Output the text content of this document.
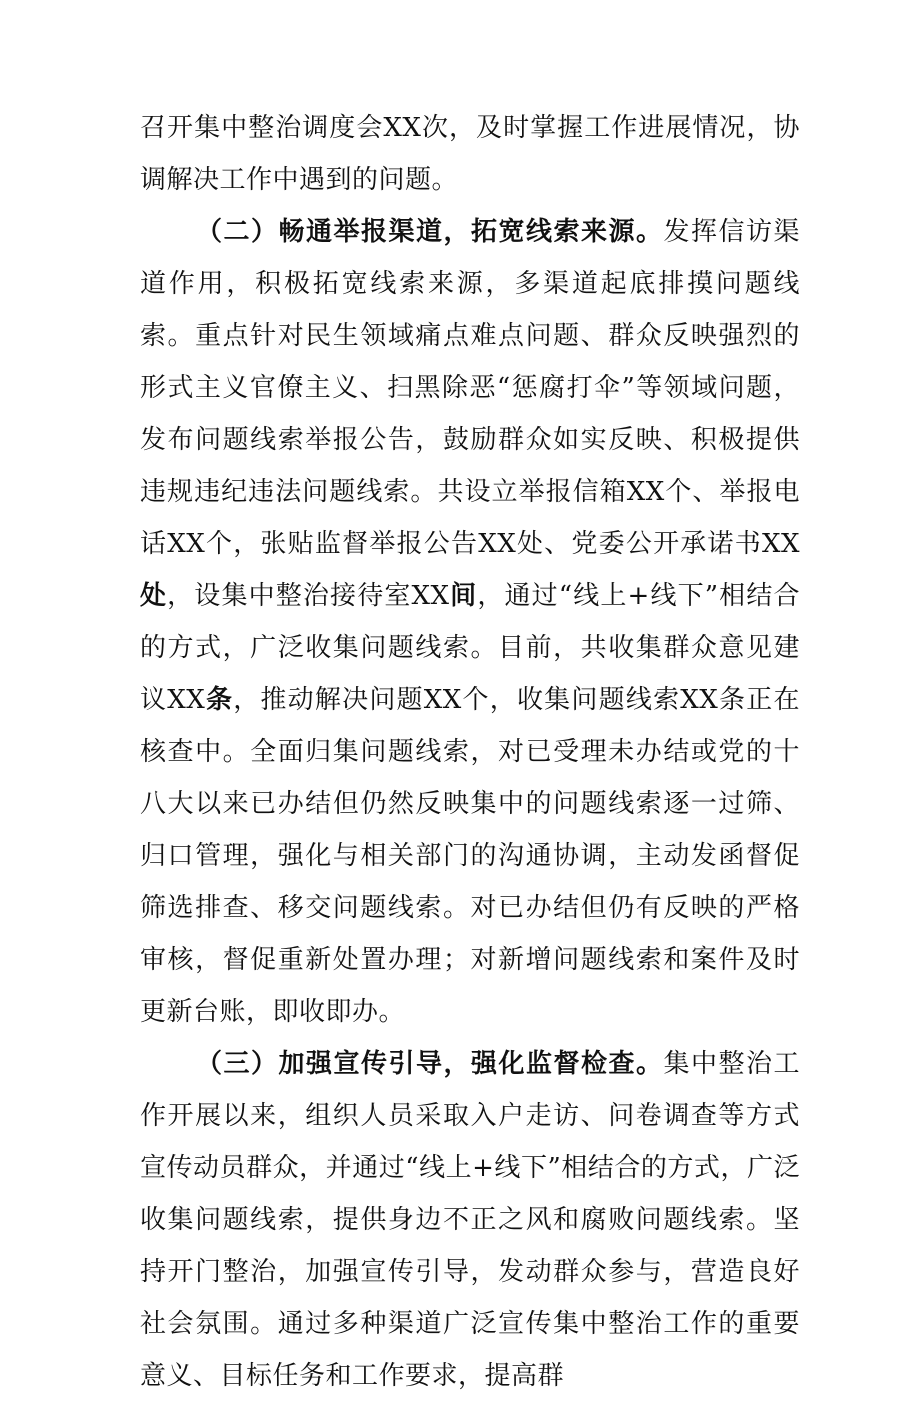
召开集中整治调度会XX次，及时掌握工作进展情况，协调解决工作中遇到的问题。

（二）畅通举报渠道，拓宽线索来源。发挥信访渠道作用，积极拓宽线索来源，多渠道起底排摸问题线索。重点针对民生领域痛点难点问题、群众反映强烈的形式主义官僚主义、扫黑除恶“惩腐打伞”等领域问题，发布问题线索举报公告，鼓励群众如实反映、积极提供违规违纪违法问题线索。共设立举报信箱XX个、举报电话XX个，张贴监督举报公告XX处、党委公开承诺书XX处，设集中整治接待室XX间，通过“线上+线下”相结合的方式，广泛收集问题线索。目前，共收集群众意见建议XX条，推动解决问题XX个，收集问题线索XX条正在核查中。全面归集问题线索，对已受理未办结或党的十八大以来已办结但仍然反映集中的问题线索逐一过筛、归口管理，强化与相关部门的沟通协调，主动发函督促筛选排查、移交问题线索。对已办结但仍有反映的严格审核，督促重新处置办理；对新增问题线索和案件及时更新台账，即收即办。

（三）加强宣传引导，强化监督检查。集中整治工作开展以来，组织人员采取入户走访、问卷调查等方式宣传动员群众，并通过“线上+线下”相结合的方式，广泛收集问题线索，提供身边不正之风和腐败问题线索。坚持开门整治，加强宣传引导，发动群众参与，营造良好社会氛围。通过多种渠道广泛宣传集中整治工作的重要意义、目标任务和工作要求，提高群
